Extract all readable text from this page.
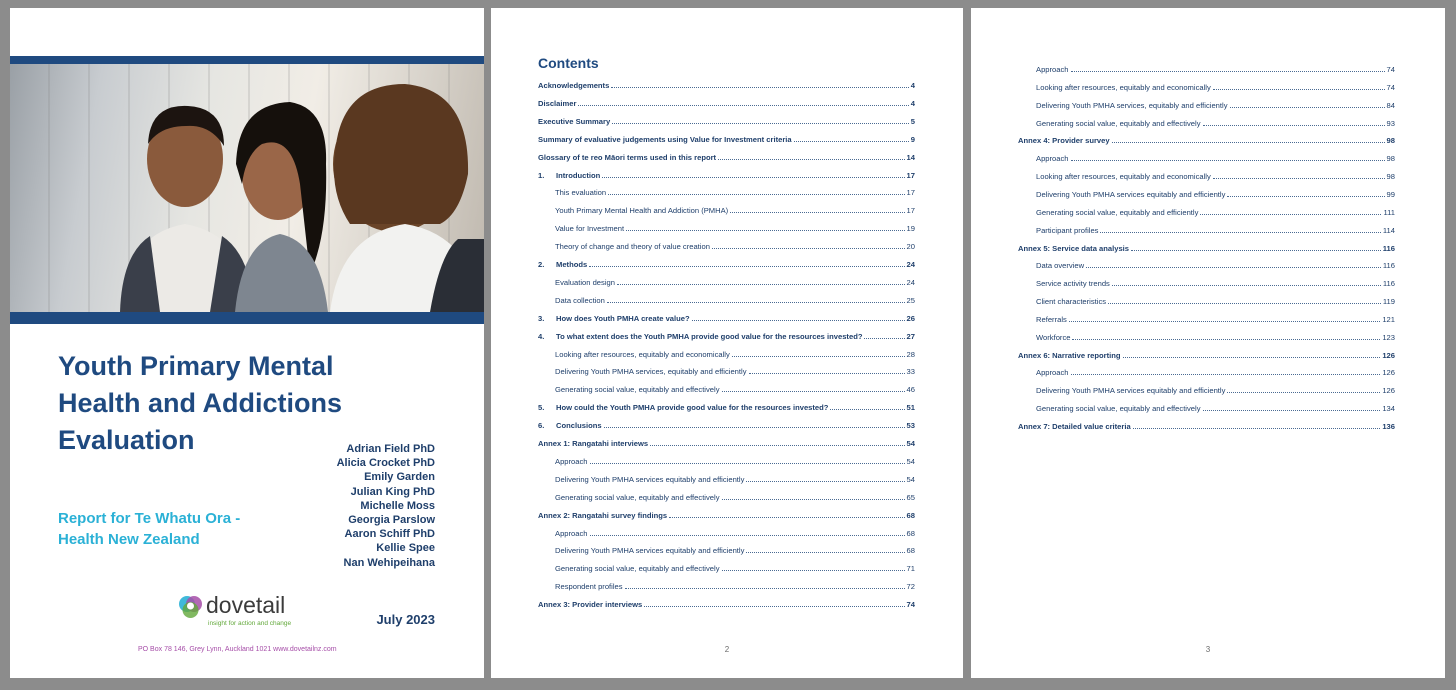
Youth Primary Mental Health and Addictions Evaluation
Report for Te Whatu Ora - Health New Zealand
Adrian Field PhD
Alicia Crocket PhD
Emily Garden
Julian King PhD
Michelle Moss
Georgia Parslow
Aaron Schiff PhD
Kellie Spee
Nan Wehipeihana
dovetail
insight for action and change	July 2023
PO Box 78 146, Grey Lynn, Auckland 1021 www.dovetailnz.com
Contents
Acknowledgements	4
Disclaimer	4
Executive Summary	5
Summary of evaluative judgements using Value for Investment criteria	9
Glossary of te reo Māori terms used in this report	14
1.	Introduction	17
This evaluation	17
Youth Primary Mental Health and Addiction (PMHA)	17
Value for Investment	19
Theory of change and theory of value creation	20
2.	Methods	24
Evaluation design	24
Data collection	25
3.	How does Youth PMHA create value?	26
4.	To what extent does the Youth PMHA provide good value for the resources invested?	27
Looking after resources, equitably and economically	28
Delivering Youth PMHA services, equitably and efficiently	33
Generating social value, equitably and effectively	46
5.	How could the Youth PMHA provide good value for the resources invested?	51
6.	Conclusions	53
Annex 1: Rangatahi interviews	54
Approach	54
Delivering Youth PMHA services equitably and efficiently	54
Generating social value, equitably and effectively	65
Annex 2: Rangatahi survey findings	68
Approach	68
Delivering Youth PMHA services equitably and efficiently	68
Generating social value, equitably and effectively	71
Respondent profiles	72
Annex 3: Provider interviews	74
2
Approach	74
Looking after resources, equitably and economically	74
Delivering Youth PMHA services, equitably and efficiently	84
Generating social value, equitably and effectively	93
Annex 4: Provider survey	98
Approach	98
Looking after resources, equitably and economically	98
Delivering Youth PMHA services equitably and efficiently	99
Generating social value, equitably and efficiently	111
Participant profiles	114
Annex 5: Service data analysis	116
Data overview	116
Service activity trends	116
Client characteristics	119
Referrals	121
Workforce	123
Annex 6: Narrative reporting	126
Approach	126
Delivering Youth PMHA services equitably and efficiently	126
Generating social value, equitably and effectively	134
Annex 7: Detailed value criteria	136
3
